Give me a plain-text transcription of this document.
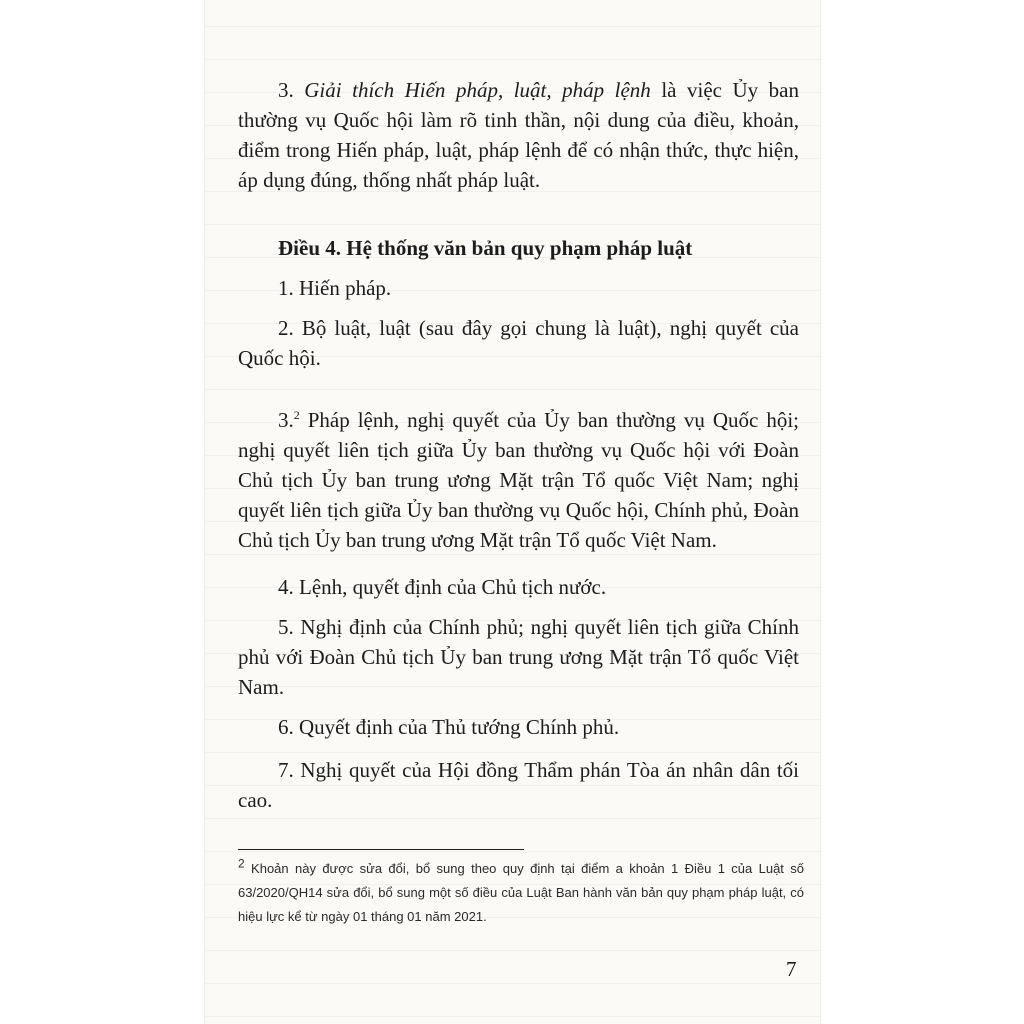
3. Giải thích Hiến pháp, luật, pháp lệnh là việc Ủy ban thường vụ Quốc hội làm rõ tinh thần, nội dung của điều, khoản, điểm trong Hiến pháp, luật, pháp lệnh để có nhận thức, thực hiện, áp dụng đúng, thống nhất pháp luật.

Điều 4. Hệ thống văn bản quy phạm pháp luật

1. Hiến pháp.

2. Bộ luật, luật (sau đây gọi chung là luật), nghị quyết của Quốc hội.

3.$^2$ Pháp lệnh, nghị quyết của Ủy ban thường vụ Quốc hội; nghị quyết liên tịch giữa Ủy ban thường vụ Quốc hội với Đoàn Chủ tịch Ủy ban trung ương Mặt trận Tổ quốc Việt Nam; nghị quyết liên tịch giữa Ủy ban thường vụ Quốc hội, Chính phủ, Đoàn Chủ tịch Ủy ban trung ương Mặt trận Tổ quốc Việt Nam.

4. Lệnh, quyết định của Chủ tịch nước.

5. Nghị định của Chính phủ; nghị quyết liên tịch giữa Chính phủ với Đoàn Chủ tịch Ủy ban trung ương Mặt trận Tổ quốc Việt Nam.

6. Quyết định của Thủ tướng Chính phủ.

7. Nghị quyết của Hội đồng Thẩm phán Tòa án nhân dân tối cao.

$^2$ Khoản này được sửa đổi, bổ sung theo quy định tại điểm a khoản 1 Điều 1 của Luật số 63/2020/QH14 sửa đổi, bổ sung một số điều của Luật Ban hành văn bản quy phạm pháp luật, có hiệu lực kể từ ngày 01 tháng 01 năm 2021.

7
